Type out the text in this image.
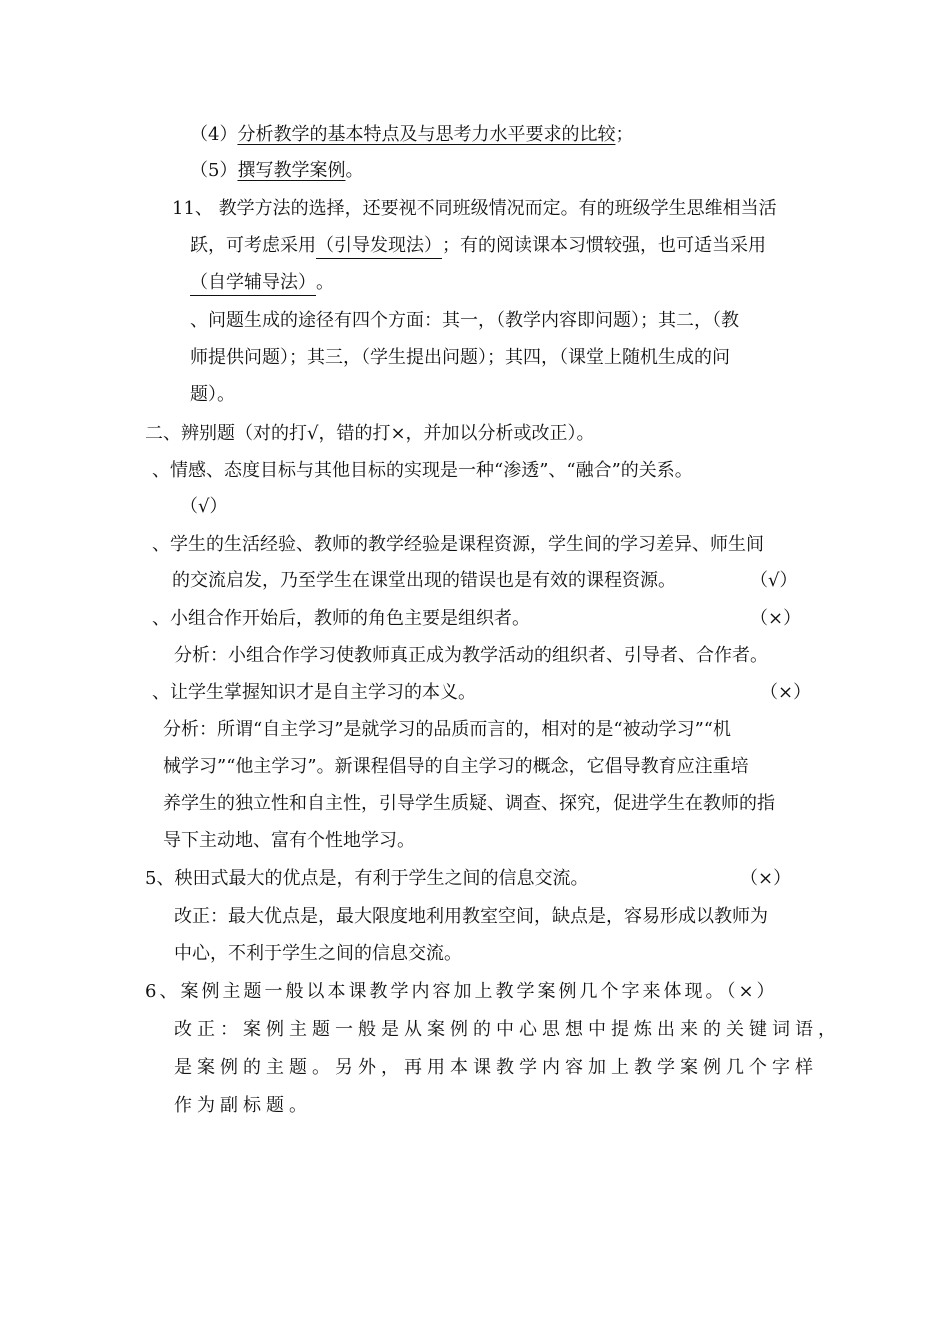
（4）分析教学的基本特点及与思考力水平要求的比较；
（5）撰写教学案例。
11、 教学方法的选择，还要视不同班级情况而定。有的班级学生思维相当活
跃，可考虑采用（引导发现法）；有的阅读课本习惯较强，也可适当采用
（自学辅导法）。
、问题生成的途径有四个方面：其一，（教学内容即问题）；其二，（教
师提供问题）；其三，（学生提出问题）；其四，（课堂上随机生成的问
题）。
二、辨别题（对的打√，错的打×，并加以分析或改正）。
、情感、态度目标与其他目标的实现是一种“渗透”、“融合”的关系。
（√）
、学生的生活经验、教师的教学经验是课程资源，学生间的学习差异、师生间
的交流启发，乃至学生在课堂出现的错误也是有效的课程资源。	（√）
、小组合作开始后，教师的角色主要是组织者。	（×）
分析：小组合作学习使教师真正成为教学活动的组织者、引导者、合作者。
、让学生掌握知识才是自主学习的本义。	（×）
分析：所谓“自主学习”是就学习的品质而言的，相对的是“被动学习”“机
械学习”“他主学习”。新课程倡导的自主学习的概念，它倡导教育应注重培
养学生的独立性和自主性，引导学生质疑、调查、探究，促进学生在教师的指
导下主动地、富有个性地学习。
5、秧田式最大的优点是，有利于学生之间的信息交流。	（×）
改正：最大优点是，最大限度地利用教室空间，缺点是，容易形成以教师为
中心，不利于学生之间的信息交流。
6、案例主题一般以本课教学内容加上教学案例几个字来体现。（×）
改正：案例主题一般是从案例的中心思想中提炼出来的关键词语，
是案例的主题。另外，再用本课教学内容加上教学案例几个字样
作为副标题。
